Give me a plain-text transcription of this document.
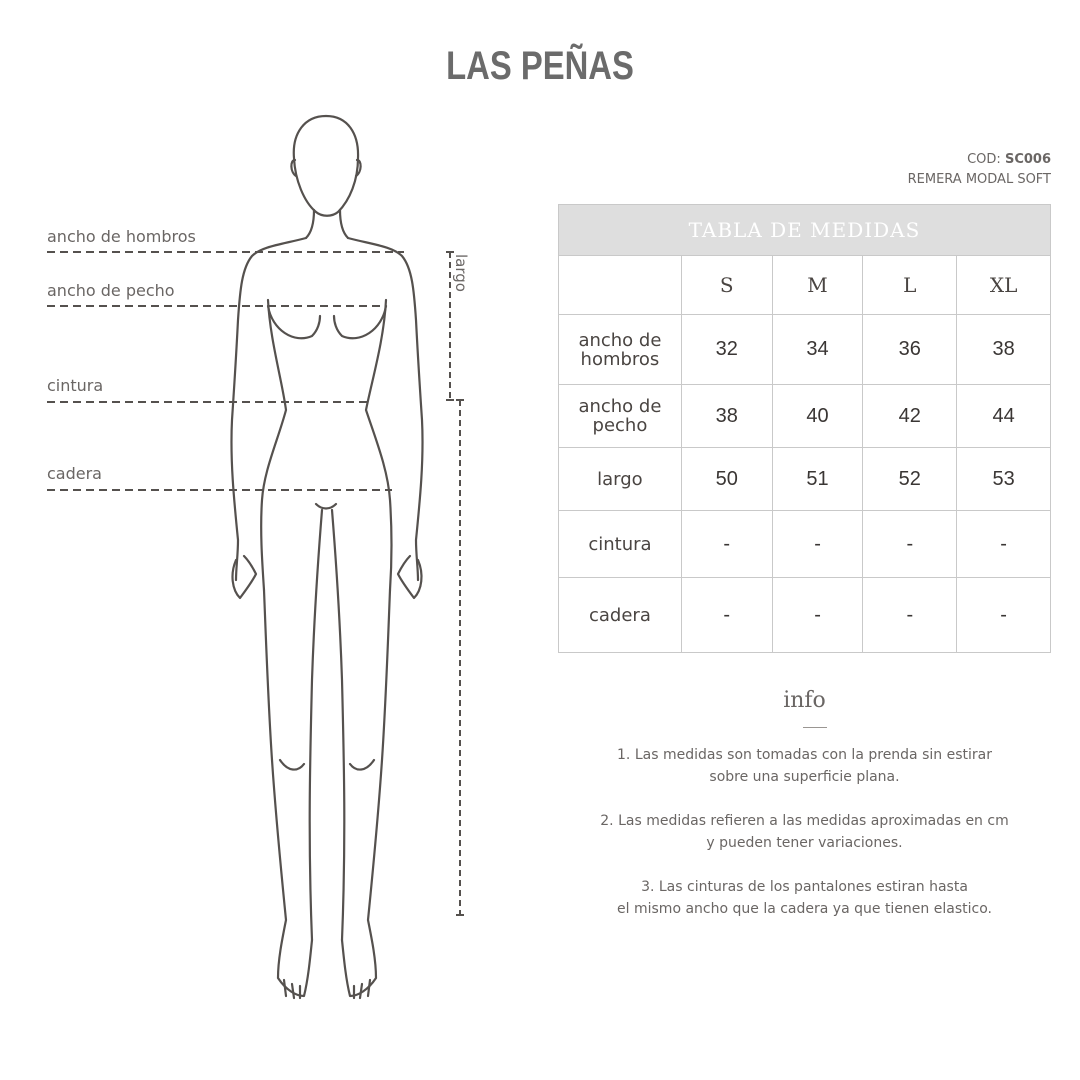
LAS PEÑAS
ancho de hombros
ancho de pecho
cintura
cadera
largo
COD: SC006
REMERA MODAL SOFT
TABLA DE MEDIDAS				
	S	M	L	XL
ancho de
hombros	32	34	36	38
ancho de
pecho	38	40	42	44
largo	50	51	52	53
cintura	-	-	-	-
cadera	-	-	-	-
info
1. Las medidas son tomadas con la prenda sin estirar
sobre una superficie plana.
2. Las medidas refieren a las medidas aproximadas en cm
y pueden tener variaciones.
3. Las cinturas de los pantalones estiran hasta
el mismo ancho que la cadera ya que tienen elastico.
